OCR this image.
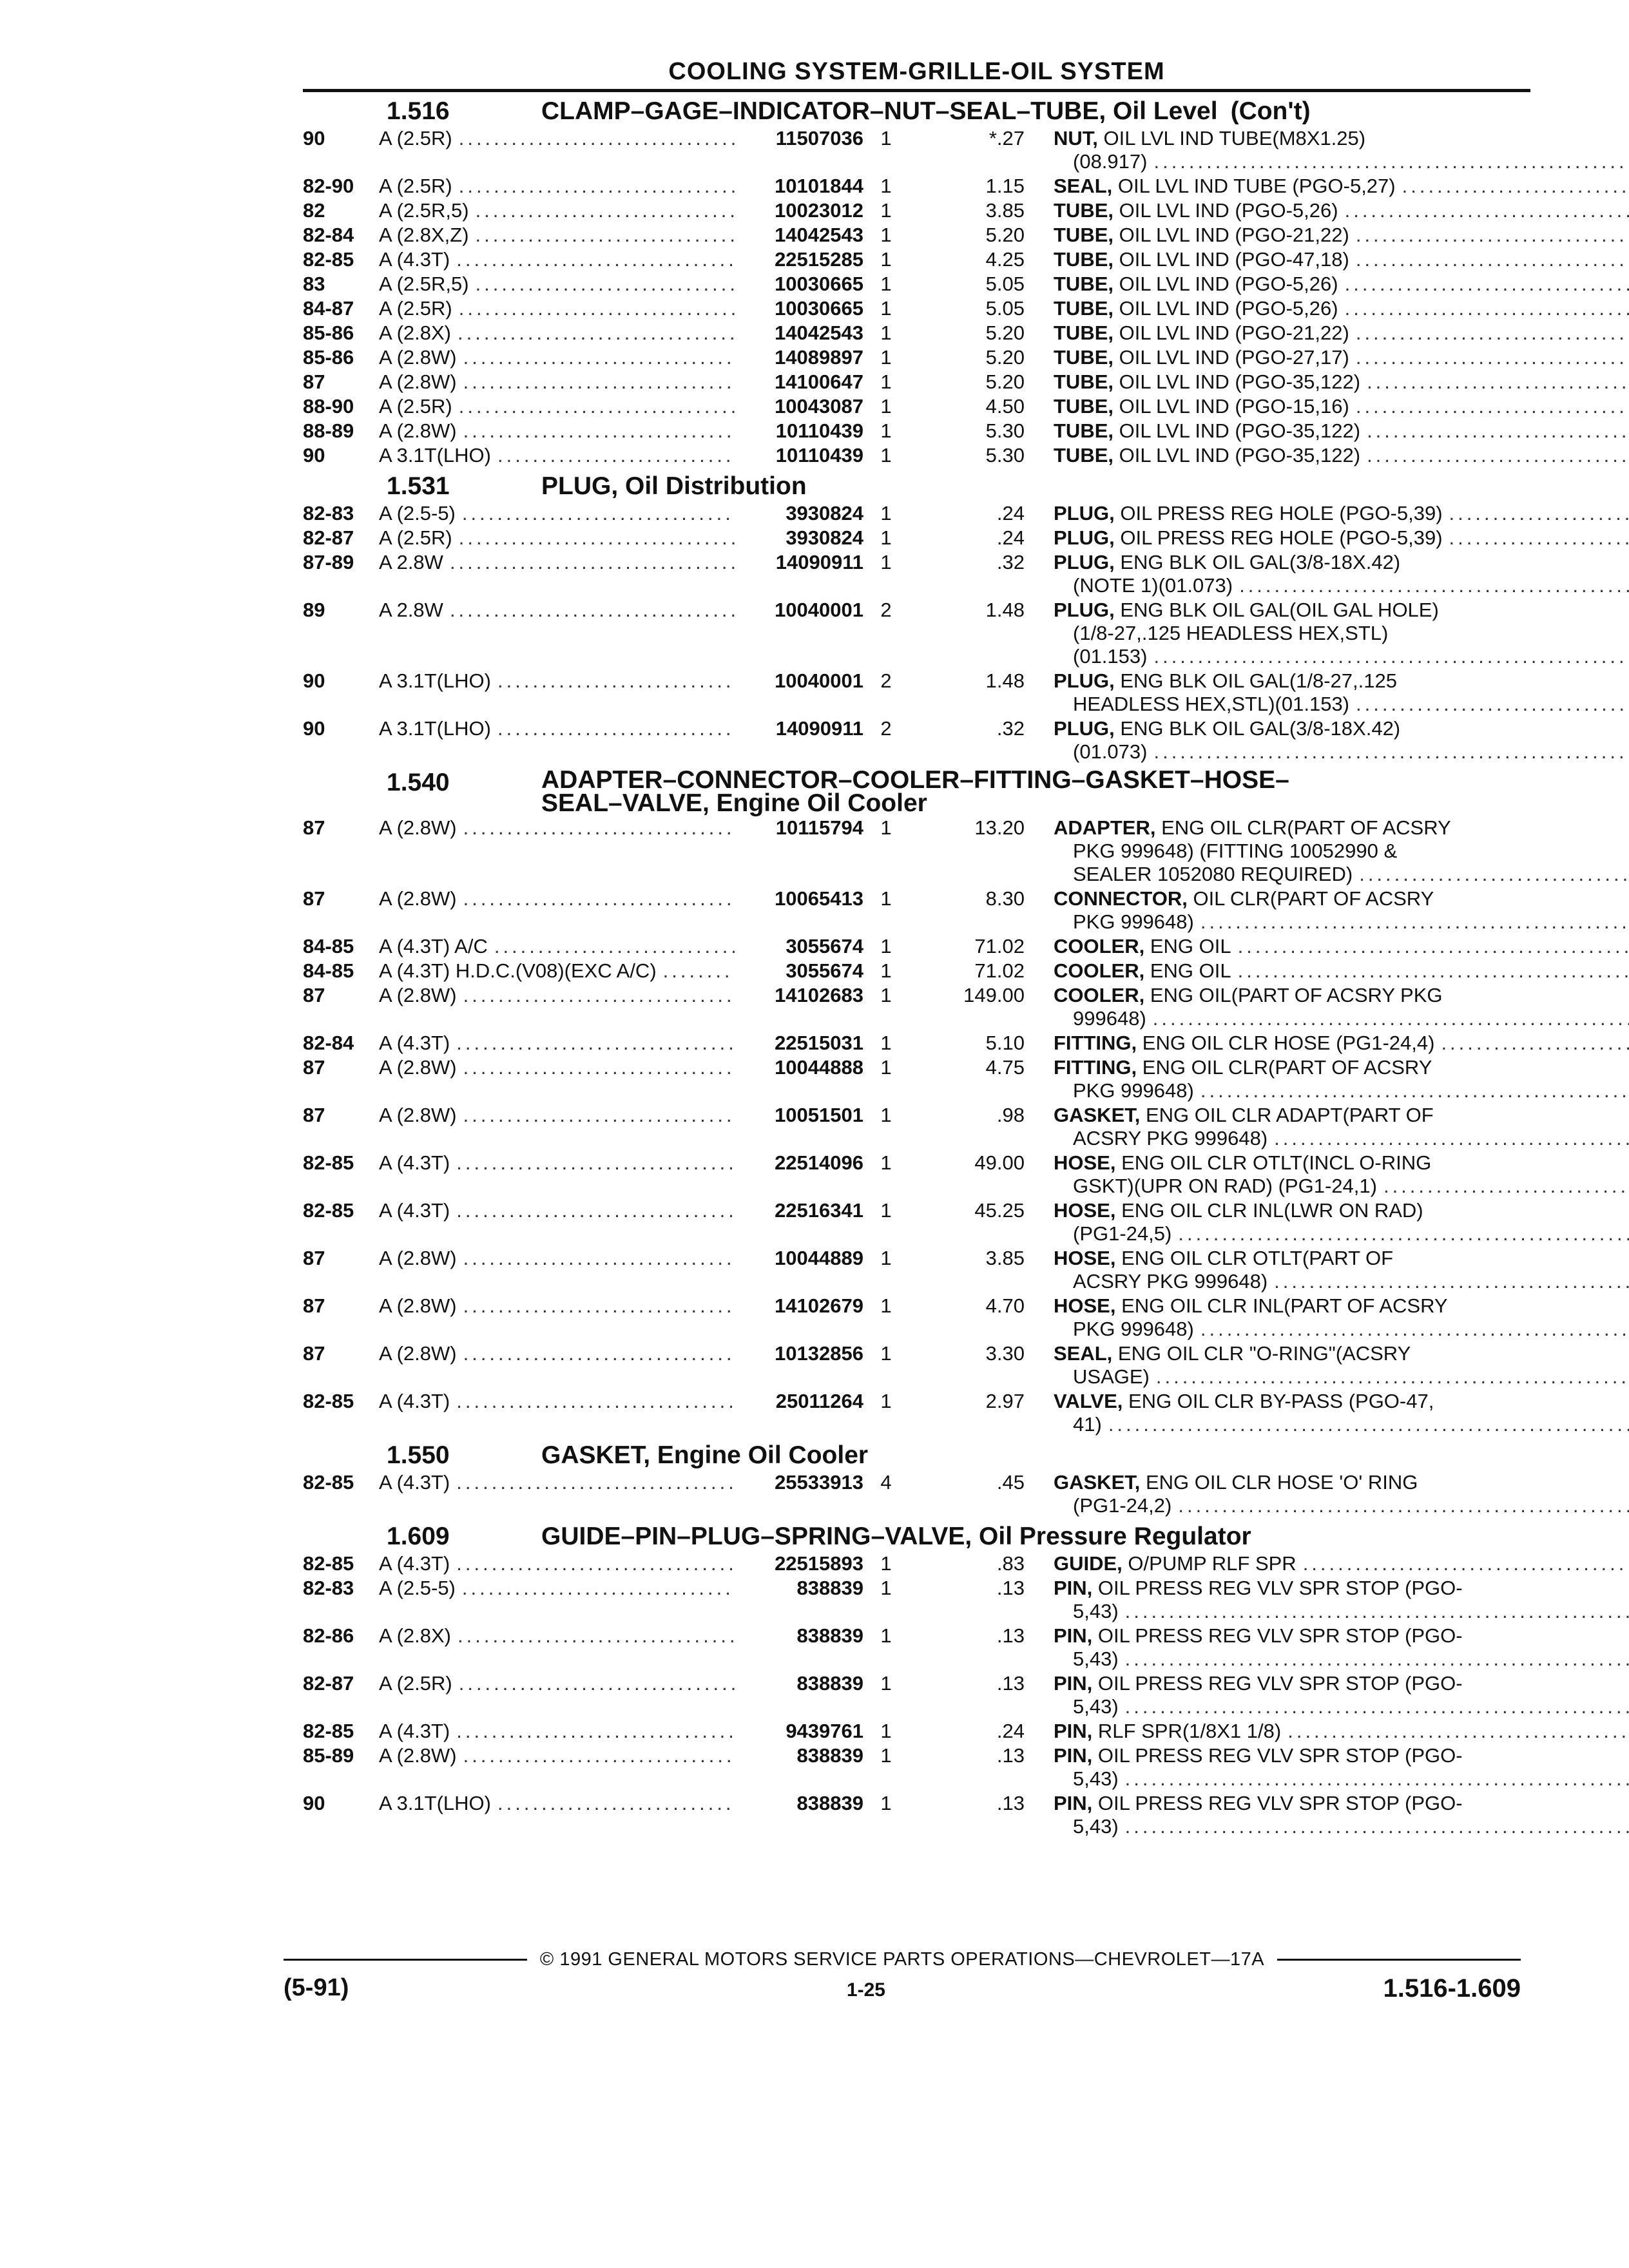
COOLING SYSTEM-GRILLE-OIL SYSTEM
1.516	CLAMP–GAGE–INDICATOR–NUT–SEAL–TUBE, Oil Level (Con't)
90	A (2.5R) .....	11507036 1	*.27	NUT, OIL LVL IND TUBE(M8X1.25)
(08.917)
.....
82-90	A (2.5R) .....	10101844 1	1.15	SEAL, OIL LVL IND TUBE (PGO-5,27)
.....
82	A (2.5R,5) .....	10023012 1	3.85	TUBE, OIL LVL IND (PGO-5,26)
.....
82-84	A (2.8X,Z) .....	14042543 1	5.20	TUBE, OIL LVL IND (PGO-21,22)
.....
82-85	A (4.3T) .....	22515285 1	4.25	TUBE, OIL LVL IND (PGO-47,18)
.....
83	A (2.5R,5) .....	10030665 1	5.05	TUBE, OIL LVL IND (PGO-5,26)
.....
84-87	A (2.5R) .....	10030665 1	5.05	TUBE, OIL LVL IND (PGO-5,26)
.....
85-86	A (2.8X) .....	14042543 1	5.20	TUBE, OIL LVL IND (PGO-21,22)
.....
85-86	A (2.8W) .....	14089897 1	5.20	TUBE, OIL LVL IND (PGO-27,17)
.....
87	A (2.8W) .....	14100647 1	5.20	TUBE, OIL LVL IND (PGO-35,122)
.....
88-90	A (2.5R) .....	10043087 1	4.50	TUBE, OIL LVL IND (PGO-15,16)
.....
88-89	A (2.8W) .....	10110439 1	5.30	TUBE, OIL LVL IND (PGO-35,122)
.....
90	A 3.1T(LHO) .....	10110439 1	5.30	TUBE, OIL LVL IND (PGO-35,122)
.....
1.531	PLUG, Oil Distribution
82-83	A (2.5-5) .....	3930824 1	.24	PLUG, OIL PRESS REG HOLE (PGO-5,39)
.....
82-87	A (2.5R) .....	3930824 1	.24	PLUG, OIL PRESS REG HOLE (PGO-5,39)
.....
87-89	A 2.8W .....	14090911 1	.32	PLUG, ENG BLK OIL GAL(3/8-18X.42)
(NOTE 1)(01.073)
.....
89	A 2.8W .....	10040001 2	1.48	PLUG, ENG BLK OIL GAL(OIL GAL HOLE)
(1/8-27,.125 HEADLESS HEX,STL)
(01.153)
.....
90	A 3.1T(LHO) .....	10040001 2	1.48	PLUG, ENG BLK OIL GAL(1/8-27,.125
HEADLESS HEX,STL)(01.153)
.....
90	A 3.1T(LHO) .....	14090911 2	.32	PLUG, ENG BLK OIL GAL(3/8-18X.42)
(01.073)
.....
1.540	ADAPTER–CONNECTOR–COOLER–FITTING–GASKET–HOSE–
SEAL–VALVE, Engine Oil Cooler
87	A (2.8W) .....	10115794 1	13.20	ADAPTER, ENG OIL CLR(PART OF ACSRY
PKG 999648) (FITTING 10052990 &
SEALER 1052080 REQUIRED)
.....
87	A (2.8W) .....	10065413 1	8.30	CONNECTOR, OIL CLR(PART OF ACSRY
PKG 999648)
.....
84-85	A (4.3T) A/C .....	3055674 1	71.02	COOLER, ENG OIL
.....
84-85	A (4.3T) H.D.C.(V08)(EXC A/C) .....	3055674 1	71.02	COOLER, ENG OIL
.....
87	A (2.8W) .....	14102683 1	149.00	COOLER, ENG OIL(PART OF ACSRY PKG
999648)
.....
82-84	A (4.3T) .....	22515031 1	5.10	FITTING, ENG OIL CLR HOSE (PG1-24,4)
.....
87	A (2.8W) .....	10044888 1	4.75	FITTING, ENG OIL CLR(PART OF ACSRY
PKG 999648)
.....
87	A (2.8W) .....	10051501 1	.98	GASKET, ENG OIL CLR ADAPT(PART OF
ACSRY PKG 999648)
.....
82-85	A (4.3T) .....	22514096 1	49.00	HOSE, ENG OIL CLR OTLT(INCL O-RING
GSKT)(UPR ON RAD) (PG1-24,1)
.....
82-85	A (4.3T) .....	22516341 1	45.25	HOSE, ENG OIL CLR INL(LWR ON RAD)
(PG1-24,5)
.....
87	A (2.8W) .....	10044889 1	3.85	HOSE, ENG OIL CLR OTLT(PART OF
ACSRY PKG 999648)
.....
87	A (2.8W) .....	14102679 1	4.70	HOSE, ENG OIL CLR INL(PART OF ACSRY
PKG 999648)
.....
87	A (2.8W) .....	10132856 1	3.30	SEAL, ENG OIL CLR "O-RING"(ACSRY
USAGE)
.....
82-85	A (4.3T) .....	25011264 1	2.97	VALVE, ENG OIL CLR BY-PASS (PGO-47,
41)
.....
1.550	GASKET, Engine Oil Cooler
82-85	A (4.3T) .....	25533913 4	.45	GASKET, ENG OIL CLR HOSE 'O' RING
(PG1-24,2)
.....
1.609	GUIDE–PIN–PLUG–SPRING–VALVE, Oil Pressure Regulator
82-85	A (4.3T) .....	22515893 1	.83	GUIDE, O/PUMP RLF SPR
.....
82-83	A (2.5-5) .....	838839 1	.13	PIN, OIL PRESS REG VLV SPR STOP (PGO-
5,43)
.....
82-86	A (2.8X) .....	838839 1	.13	PIN, OIL PRESS REG VLV SPR STOP (PGO-
5,43)
.....
82-87	A (2.5R) .....	838839 1	.13	PIN, OIL PRESS REG VLV SPR STOP (PGO-
5,43)
.....
82-85	A (4.3T) .....	9439761 1	.24	PIN, RLF SPR(1/8X1 1/8)
.....
85-89	A (2.8W) .....	838839 1	.13	PIN, OIL PRESS REG VLV SPR STOP (PGO-
5,43)
.....
90	A 3.1T(LHO) .....	838839 1	.13	PIN, OIL PRESS REG VLV SPR STOP (PGO-
5,43)
.....
© 1991 GENERAL MOTORS SERVICE PARTS OPERATIONS—CHEVROLET—17A
(5-91)	1-25	1.516-1.609
